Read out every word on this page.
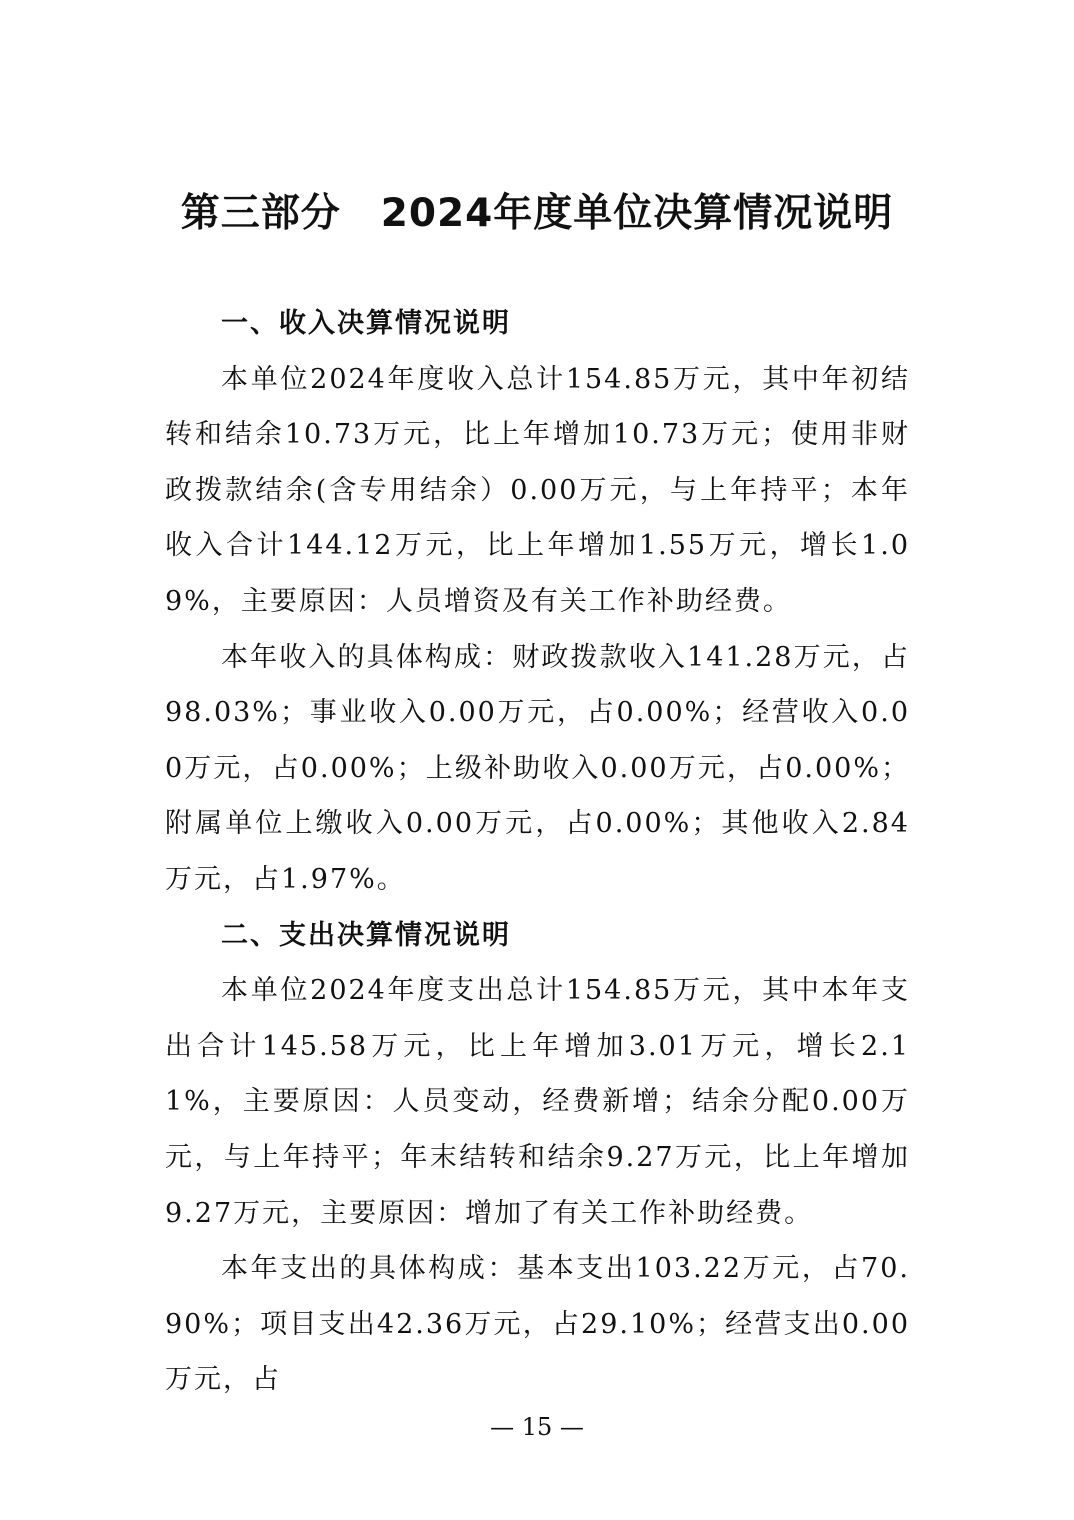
第三部分　2024年度单位决算情况说明
一、收入决算情况说明

本单位2024年度收入总计154.85万元，其中年初结转和结余10.73万元，比上年增加10.73万元；使用非财政拨款结余(含专用结余）0.00万元，与上年持平；本年收入合计144.12万元，比上年增加1.55万元，增长1.09%，主要原因：人员增资及有关工作补助经费。

本年收入的具体构成：财政拨款收入141.28万元，占98.03%；事业收入0.00万元，占0.00%；经营收入0.00万元，占0.00%；上级补助收入0.00万元，占0.00%；附属单位上缴收入0.00万元，占0.00%；其他收入2.84万元，占1.97%。

二、支出决算情况说明

本单位2024年度支出总计154.85万元，其中本年支出合计145.58万元，比上年增加3.01万元，增长2.11%，主要原因：人员变动，经费新增；结余分配0.00万元，与上年持平；年末结转和结余9.27万元，比上年增加9.27万元，主要原因：增加了有关工作补助经费。

本年支出的具体构成：基本支出103.22万元，占70.90%；项目支出42.36万元，占29.10%；经营支出0.00万元，占

— 15 —
